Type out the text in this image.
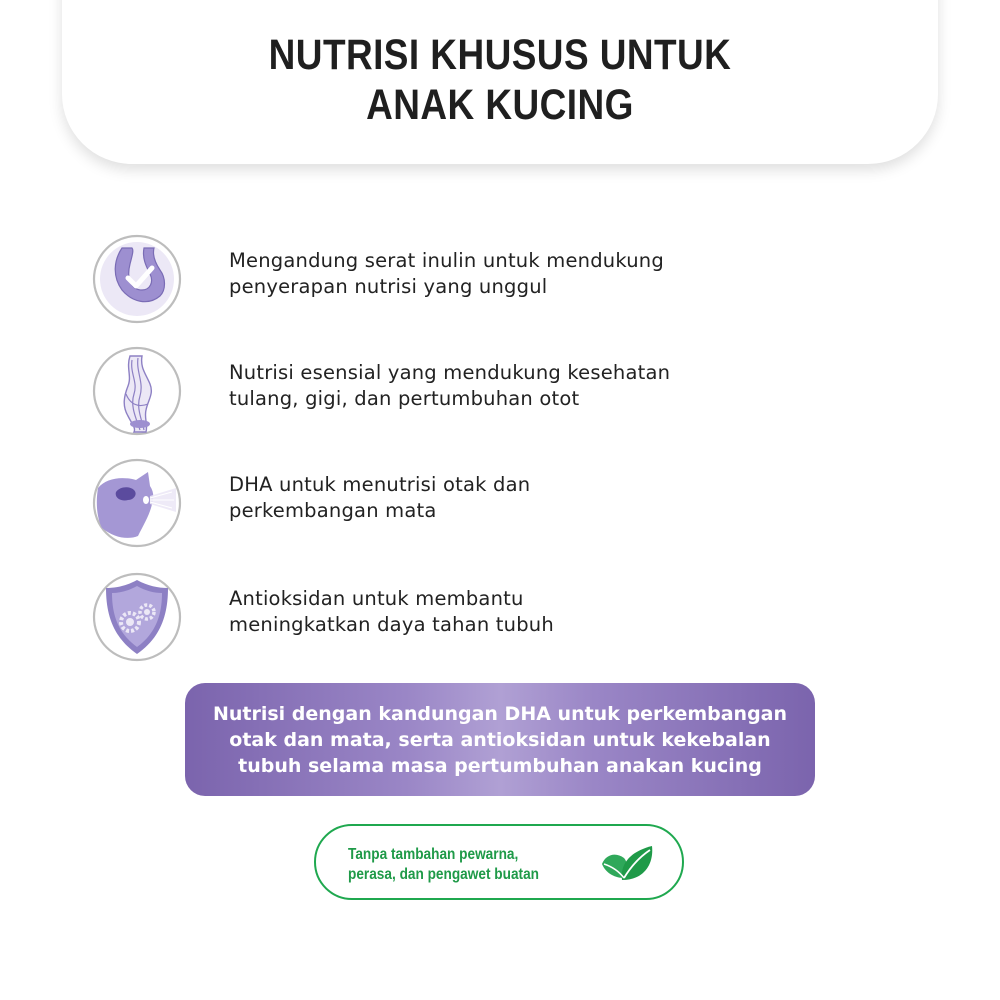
NUTRISI KHUSUS UNTUK
ANAK KUCING
Mengandung serat inulin untuk mendukung
penyerapan nutrisi yang unggul
Nutrisi esensial yang mendukung kesehatan
tulang, gigi, dan pertumbuhan otot
DHA untuk menutrisi otak dan
perkembangan mata
Antioksidan untuk membantu
meningkatkan daya tahan tubuh
Nutrisi dengan kandungan DHA untuk perkembangan
otak dan mata, serta antioksidan untuk kekebalan
tubuh selama masa pertumbuhan anakan kucing
Tanpa tambahan pewarna,
perasa, dan pengawet buatan
